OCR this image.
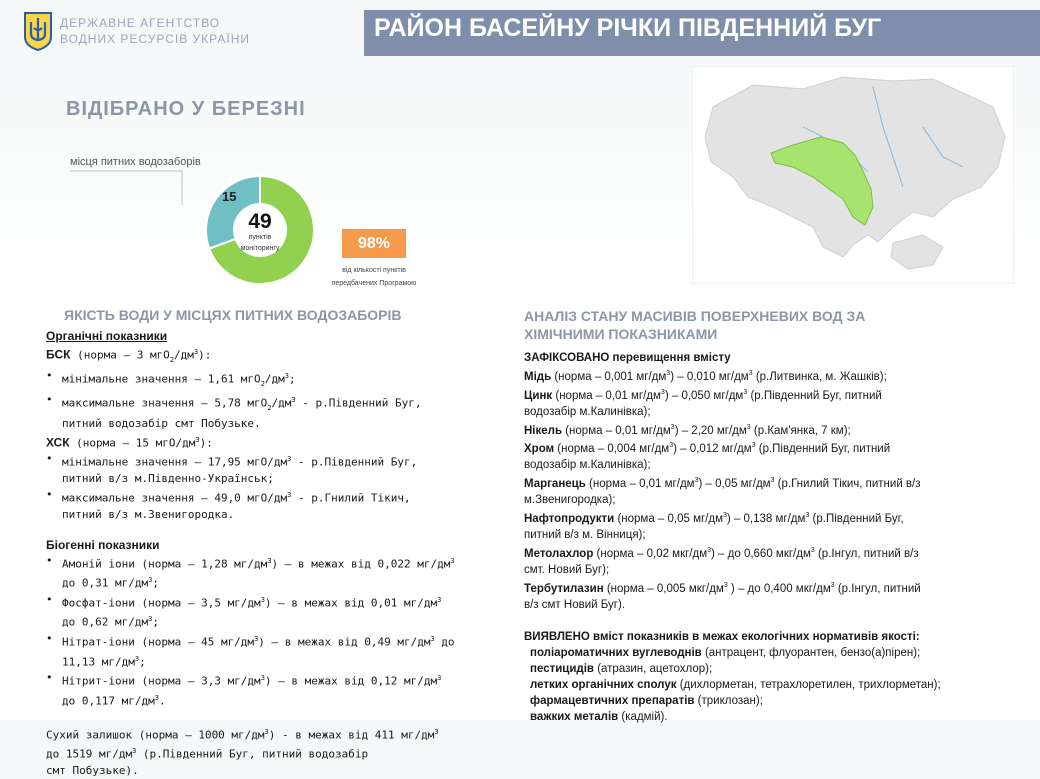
ДЕРЖАВНЕ АГЕНТСТВО
ВОДНИХ РЕСУРСІВ УКРАЇНИ	РАЙОН БАСЕЙНУ РІЧКИ ПІВДЕННИЙ БУГ
ВІДІБРАНО У БЕРЕЗНІ
місця питних водозаборів
15
49
пунктів
моніторингу	98%
від кількості пунктів
передбачених Програмою
ЯКІСТЬ ВОДИ У МІСЦЯХ ПИТНИХ ВОДОЗАБОРІВ	АНАЛІЗ СТАНУ МАСИВІВ ПОВЕРХНЕВИХ ВОД ЗА
ХІМІЧНИМИ ПОКАЗНИКАМИ
Органічні показники
БСК (норма – 3 $мгО_2/дм^3$):
• мінімальне значення – 1,61 $мгО_2/дм^3$;
• максимальне значення – 5,78 $мгО_2/дм^3$ - р.Південний Буг,
питний водозабір смт Побузьке.
ХСК (норма – 15 мгО/$дм^3$):
• мінімальне значення – 17,95 мгО/$дм^3$ - р.Південний Буг,
питний в/з м.Південно-Українськ;
• максимальне значення – 49,0 мгО/$дм^3$ - р.Гнилий Тікич,
питний в/з м.Звенигородка.
Біогенні показники
• Амоній іони (норма – 1,28 $мг/дм^3$) – в межах від 0,022 $мг/дм^3$
до 0,31 $мг/дм^3$;
• Фосфат-іони (норма – 3,5 $мг/дм^3$) – в межах від 0,01 $мг/дм^3$
до 0,62 $мг/дм^3$;
• Нітрат-іони (норма – 45 $мг/дм^3$) – в межах від 0,49 $мг/дм^3$ до
11,13 $мг/дм^3$;
• Нітрит-іони (норма – 3,3 $мг/дм^3$) – в межах від 0,12 $мг/дм^3$
до 0,117 $мг/дм^3$.
Сухий залишок (норма – 1000 $мг/дм^3$) - в межах від 411 $мг/дм^3$
до 1519 $мг/дм^3$ (р.Південний Буг, питний водозабір
смт Побузьке).
ЗАФІКСОВАНО перевищення вмісту
Мідь (норма – 0,001 $мг/дм^3) - 0,010$ $мг/дм^3$ (р.Литвинка, м. Жашків);
Цинк (норма – 0,01 $мг/дм^3) - 0,050$ $мг/дм^3$ (р.Південний Буг, питний
водозабір м.Калинівка);
Нікель (норма – 0,01 $мг/дм^3) - 2,20$ $мг/дм^3$ (р.Кам'янка, 7 км);
Хром (норма – 0,004 $мг/дм^3) - 0,012$ $мг/дм^3$ (р.Південний Буг, питний
водозабір м.Калинівка);
Марганець (норма – 0,01 $мг/дм^3) - 0,05$ $мг/дм^3$ (р.Гнилий Тікич, питний в/з
м.Звенигородка);
Нафтопродукти (норма – 0,05 $мг/дм^3) - 0,138$ $мг/дм^3$ (р.Південний Буг,
питний в/з м. Вінниця);
Метолахлор (норма – 0,02 мкг/$дм^3$) – до 0,660 мкг/$дм^3$ (р.Інгул, питний в/з
смт. Новий Буг);
Тербутилазин (норма – 0,005 мкг/$дм^3$ ) – до 0,400 мкг/$дм^3$ (р.Інгул, питний
в/з смт Новий Буг).
ВИЯВЛЕНО вміст показників в межах екологічних нормативів якості:
поліароматичних вуглеводнів (антрацент, флуорантен, бензо(а)пірен);
пестицидів (атразин, ацетохлор);
летких органічних сполук (дихлорметан, тетрахлоретилен, трихлорметан);
фармацевтичних препаратів (триклозан);
важких металів (кадмій).
